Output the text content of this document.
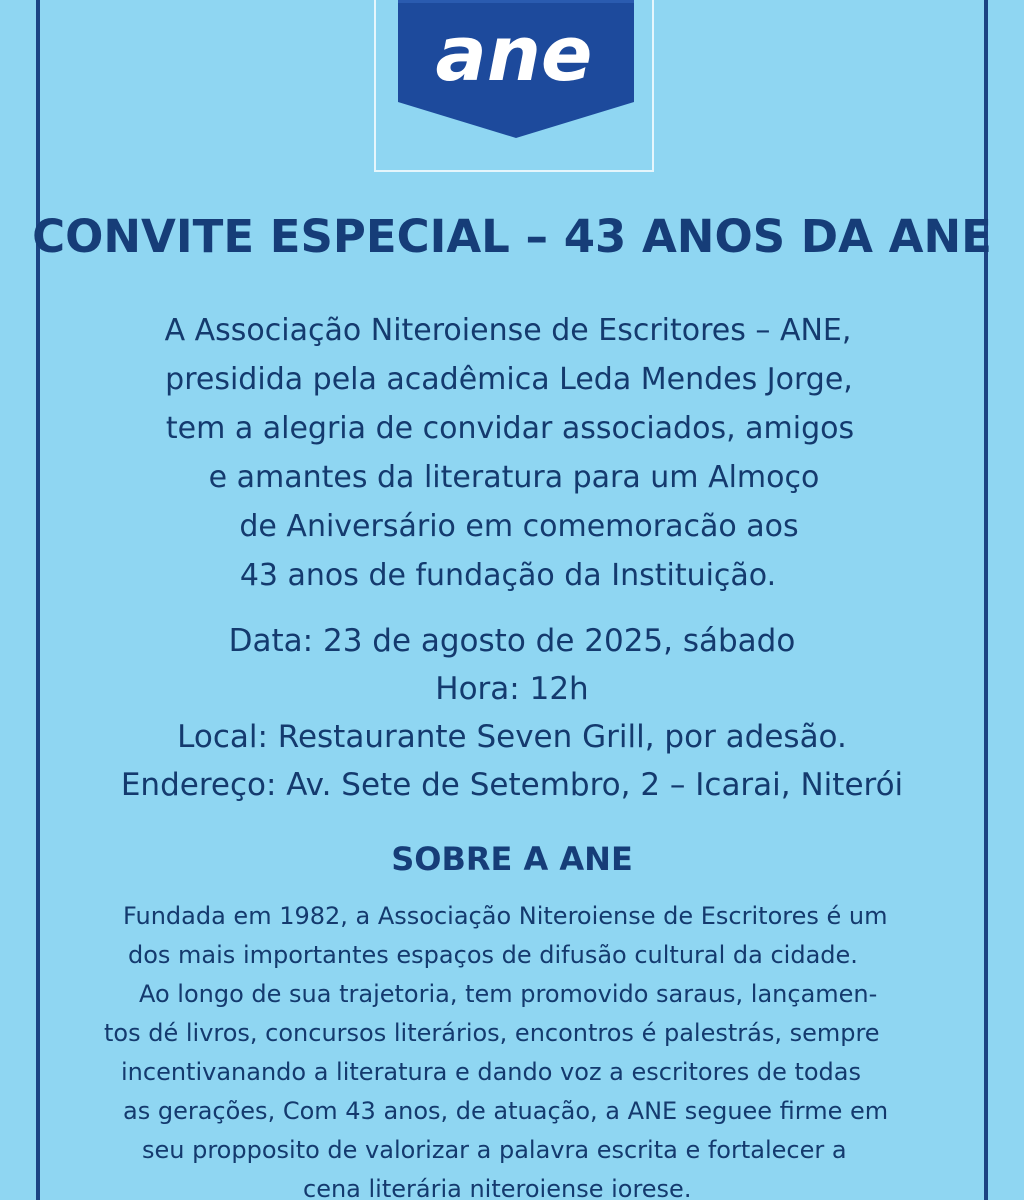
ane
CONVITE ESPECIAL – 43 ANOS DA ANE
A Associação Niteroiense de Escritores – ANE,
presidida pela acadêmica Leda Mendes Jorge,
tem a alegria de convidar associados, amigos
e amantes da literatura para um Almoço
de Aniversário em comemoracão aos
43 anos de fundação da Instituição.
Data: 23 de agosto de 2025, sábado
Hora: 12h
Local: Restaurante Seven Grill, por adesão.
Endereço: Av. Sete de Setembro, 2 – Icarai, Niterói
SOBRE A ANE
Fundada em 1982, a Associação Niteroiense de Escritores é um
dos mais importantes espaços de difusão cultural da cidade.
Ao longo de sua trajetoria, tem promovido saraus, lançamen-
tos dé livros, concursos literários, encontros é palestrás, sempre
incentivanando a literatura e dando voz a escritores de todas
as gerações, Com 43 anos, de atuação, a ANE seguee firme em
seu propposito de valorizar a palavra escrita e fortalecer a
cena literária niteroiense iorese.
